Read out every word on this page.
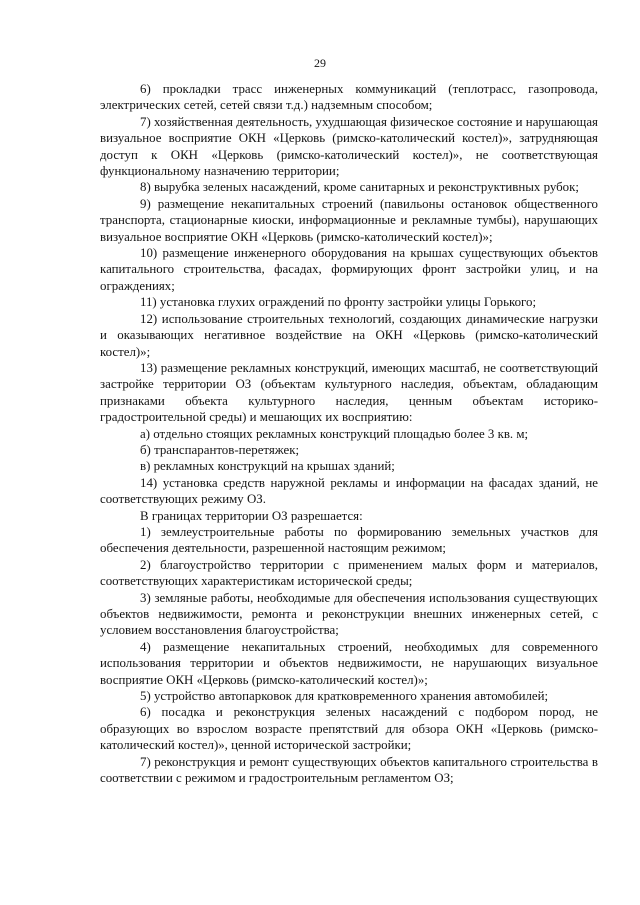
29

6) прокладки трасс инженерных коммуникаций (теплотрасс, газопровода, электрических сетей, сетей связи т.д.) надземным способом;

7) хозяйственная деятельность, ухудшающая физическое состояние и нарушающая визуальное восприятие ОКН «Церковь (римско-католический костел)», затрудняющая доступ к ОКН «Церковь (римско-католический костел)», не соответствующая функциональному назначению территории;

8) вырубка зеленых насаждений, кроме санитарных и реконструктивных рубок;

9) размещение некапитальных строений (павильоны остановок общественного транспорта, стационарные киоски, информационные и рекламные тумбы), нарушающих визуальное восприятие ОКН «Церковь (римско-католический костел)»;

10) размещение инженерного оборудования на крышах существующих объектов капитального строительства, фасадах, формирующих фронт застройки улиц, и на ограждениях;

11) установка глухих ограждений по фронту застройки улицы Горького;

12) использование строительных технологий, создающих динамические нагрузки и оказывающих негативное воздействие на ОКН «Церковь (римско-католический костел)»;

13) размещение рекламных конструкций, имеющих масштаб, не соответствующий застройке территории ОЗ (объектам культурного наследия, объектам, обладающим признаками объекта культурного наследия, ценным объектам историко-градостроительной среды) и мешающих их восприятию:

а) отдельно стоящих рекламных конструкций площадью более 3 кв. м;

б) транспарантов-перетяжек;

в) рекламных конструкций на крышах зданий;

14) установка средств наружной рекламы и информации на фасадах зданий, не соответствующих режиму ОЗ.

В границах территории ОЗ разрешается:

1) землеустроительные работы по формированию земельных участков для обеспечения деятельности, разрешенной настоящим режимом;

2) благоустройство территории с применением малых форм и материалов, соответствующих характеристикам исторической среды;

3) земляные работы, необходимые для обеспечения использования существующих объектов недвижимости, ремонта и реконструкции внешних инженерных сетей, с условием восстановления благоустройства;

4) размещение некапитальных строений, необходимых для современного использования территории и объектов недвижимости, не нарушающих визуальное восприятие ОКН «Церковь (римско-католический костел)»;

5) устройство автопарковок для кратковременного хранения автомобилей;

6) посадка и реконструкция зеленых насаждений с подбором пород, не образующих во взрослом возрасте препятствий для обзора ОКН «Церковь (римско-католический костел)», ценной исторической застройки;

7) реконструкция и ремонт существующих объектов капитального строительства в соответствии с режимом и градостроительным регламентом ОЗ;
